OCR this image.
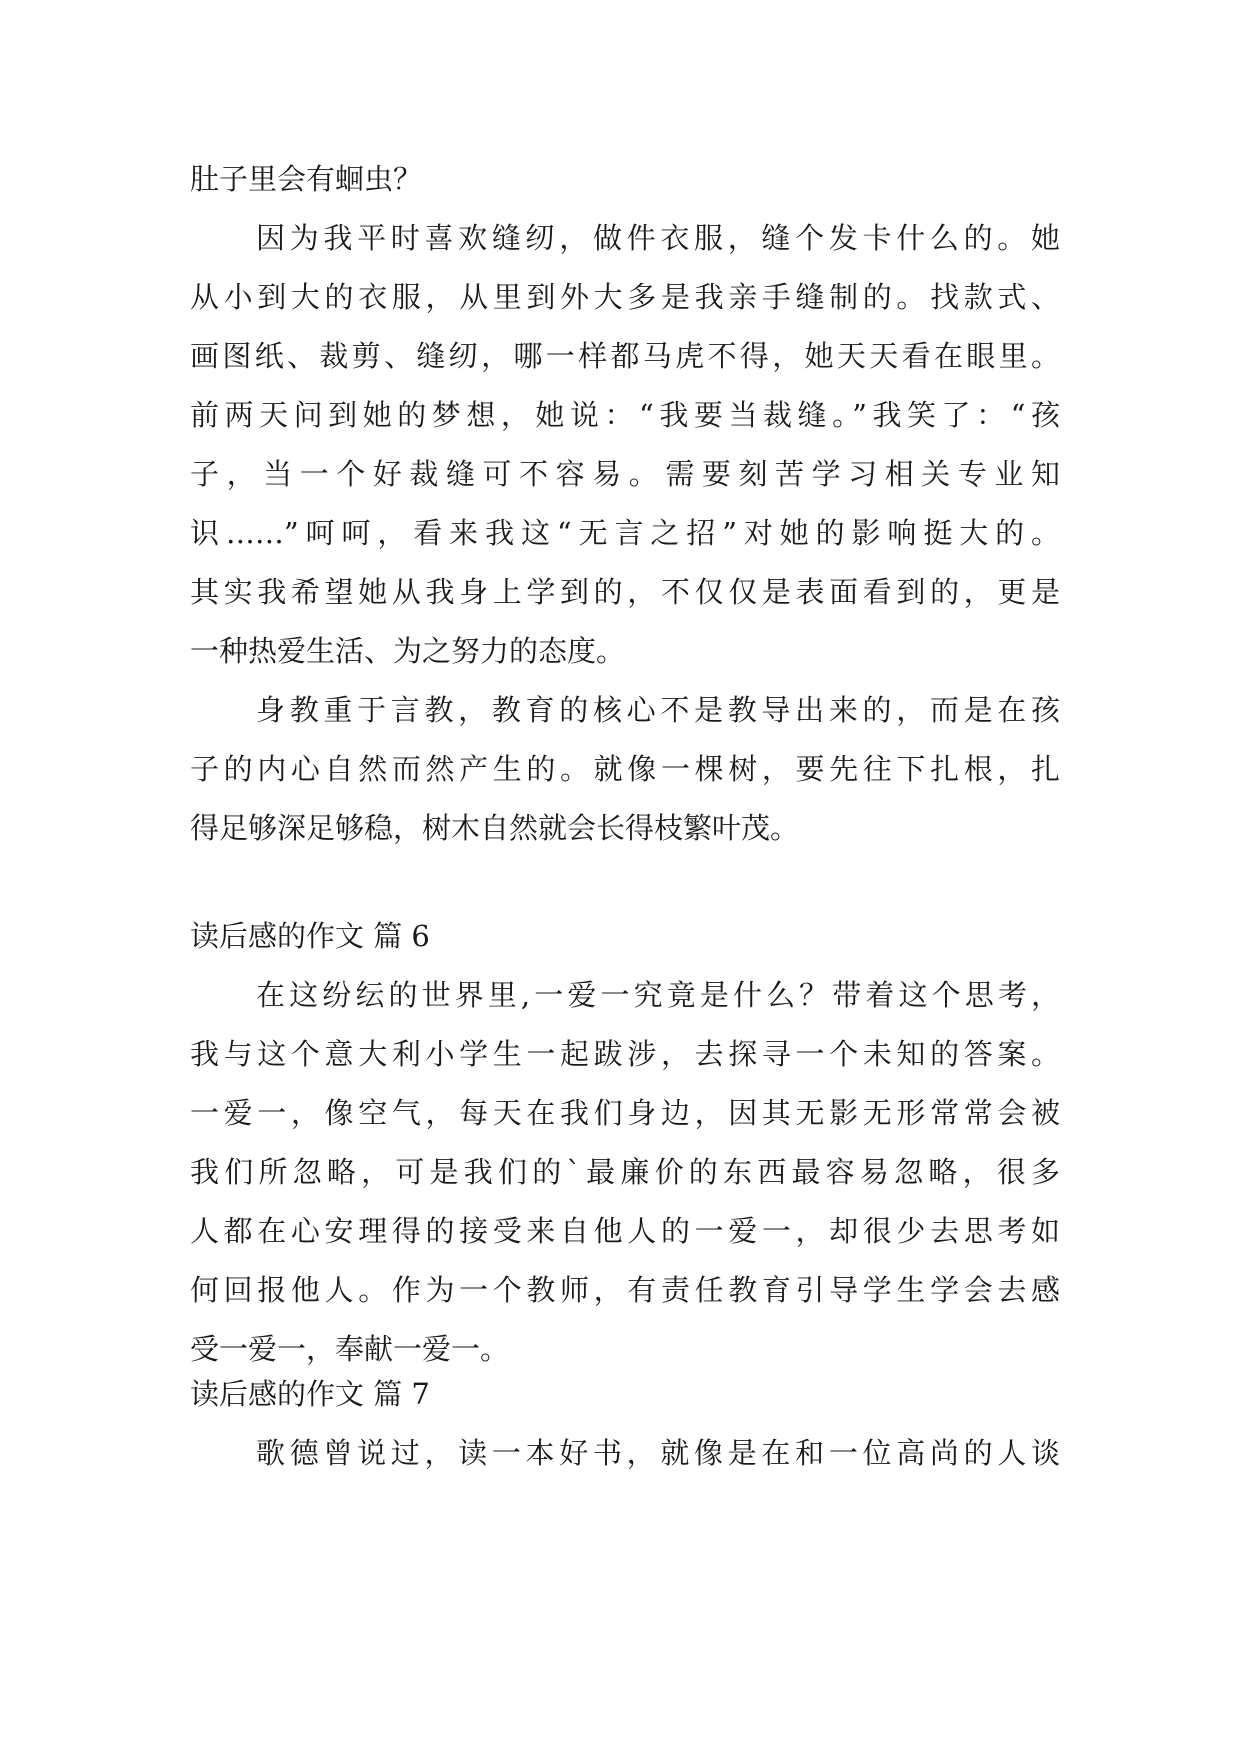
肚子里会有蛔虫？
因为我平时喜欢缝纫，做件衣服，缝个发卡什么的。她
从小到大的衣服，从里到外大多是我亲手缝制的。找款式、
画图纸、裁剪、缝纫，哪一样都马虎不得，她天天看在眼里。
前两天问到她的梦想，她说：“我要当裁缝。”我笑了：“孩
子，当一个好裁缝可不容易。需要刻苦学习相关专业知
识……”呵呵，看来我这“无言之招”对她的影响挺大的。
其实我希望她从我身上学到的，不仅仅是表面看到的，更是
一种热爱生活、为之努力的态度。
身教重于言教，教育的核心不是教导出来的，而是在孩
子的内心自然而然产生的。就像一棵树，要先往下扎根，扎
得足够深足够稳，树木自然就会长得枝繁叶茂。
读后感的作文 篇 6
在这纷纭的世界里,一爱一究竟是什么？带着这个思考，
我与这个意大利小学生一起跋涉，去探寻一个未知的答案。
一爱一，像空气，每天在我们身边，因其无影无形常常会被
我们所忽略，可是我们的`最廉价的东西最容易忽略，很多
人都在心安理得的接受来自他人的一爱一，却很少去思考如
何回报他人。作为一个教师，有责任教育引导学生学会去感
受一爱一，奉献一爱一。
读后感的作文 篇 7
歌德曾说过，读一本好书，就像是在和一位高尚的人谈
